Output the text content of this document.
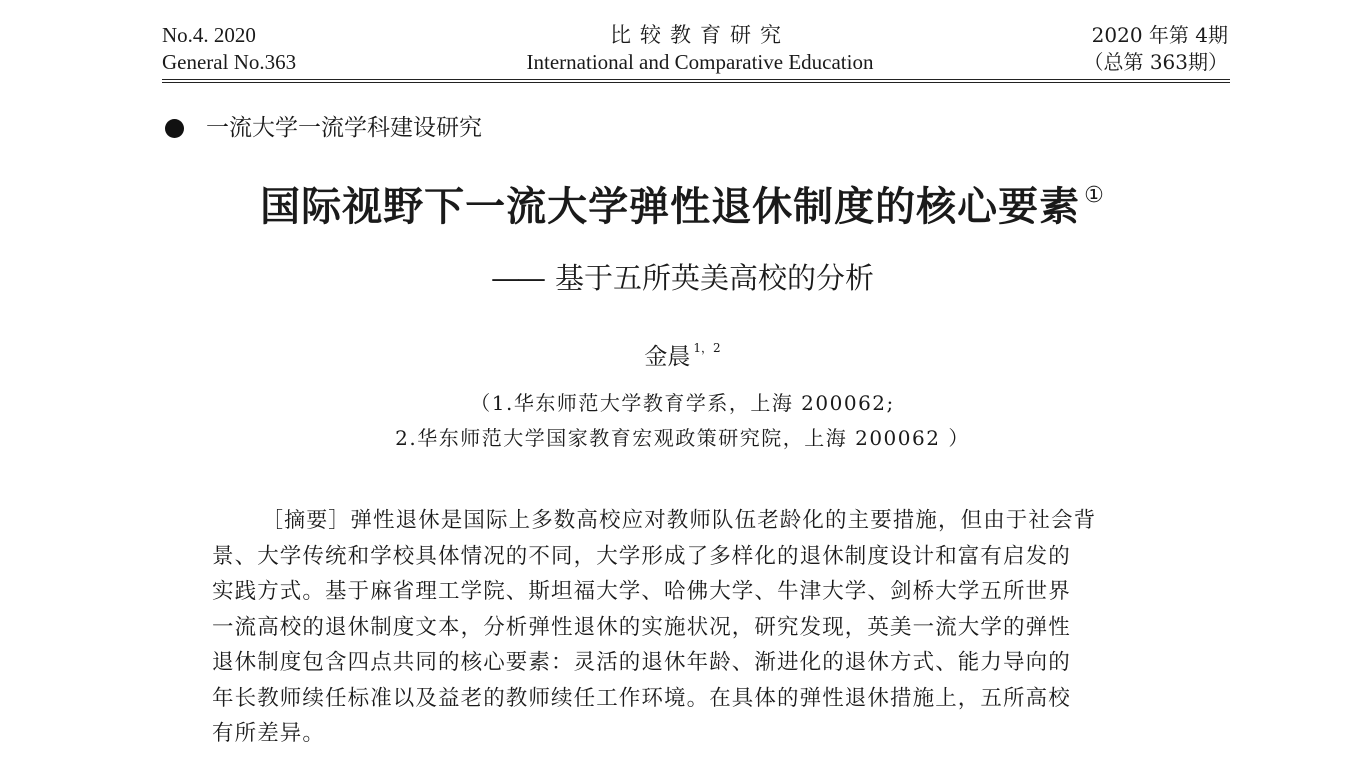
No.4. 2020
General No.363
比较教育研究
International and Comparative Education
2020 年第 4期
（总第 363期）
一流大学一流学科建设研究
国际视野下一流大学弹性退休制度的核心要素 ①
—— 基于五所英美高校的分析
金晨 $^{1,2}$
（1.华东师范大学教育学系，上海 200062;
2.华东师范大学国家教育宏观政策研究院，上海 200062 ）
［摘要］弹性退休是国际上多数高校应对教师队伍老龄化的主要措施，但由于社会背
景、大学传统和学校具体情况的不同，大学形成了多样化的退休制度设计和富有启发的
实践方式。基于麻省理工学院、斯坦福大学、哈佛大学、牛津大学、剑桥大学五所世界
一流高校的退休制度文本，分析弹性退休的实施状况，研究发现，英美一流大学的弹性
退休制度包含四点共同的核心要素：灵活的退休年龄、渐进化的退休方式、能力导向的
年长教师续任标准以及益老的教师续任工作环境。在具体的弹性退休措施上，五所高校
有所差异。
